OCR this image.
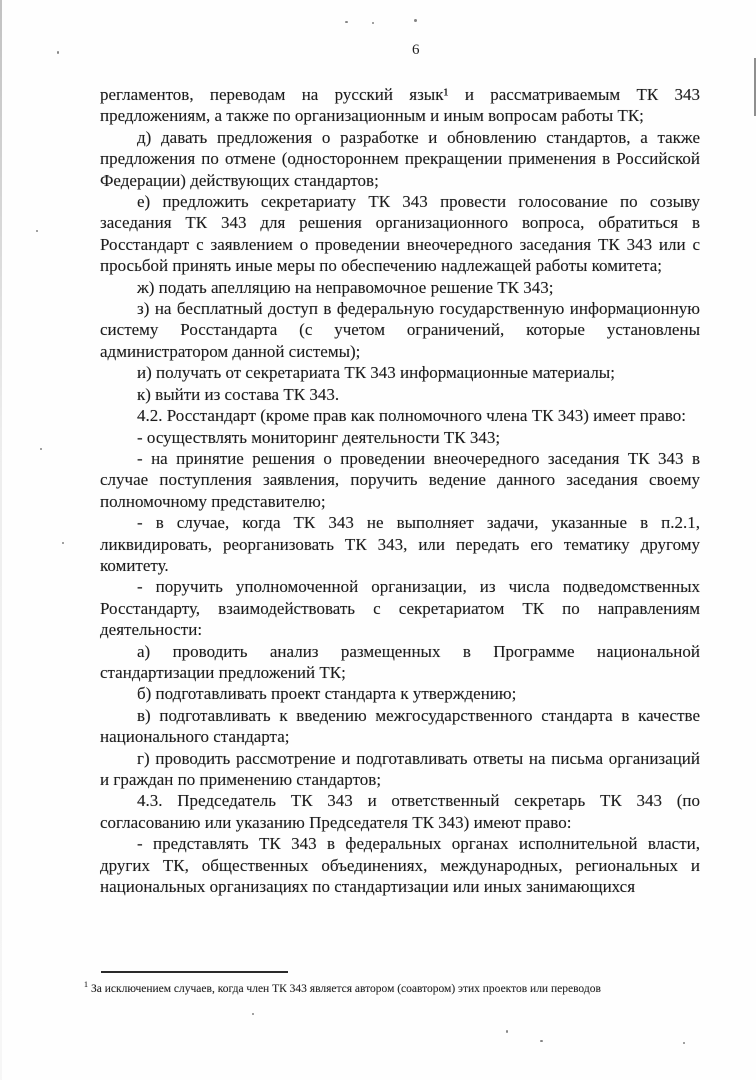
6

регламентов, переводам на русский язык¹ и рассматриваемым ТК 343 предложениям, а также по организационным и иным вопросам работы ТК;

д) давать предложения о разработке и обновлению стандартов, а также предложения по отмене (одностороннем прекращении применения в Российской Федерации) действующих стандартов;

е) предложить секретариату ТК 343 провести голосование по созыву заседания ТК 343 для решения организационного вопроса, обратиться в Росстандарт с заявлением о проведении внеочередного заседания ТК 343 или с просьбой принять иные меры по обеспечению надлежащей работы комитета;

ж) подать апелляцию на неправомочное решение ТК 343;

з) на бесплатный доступ в федеральную государственную информационную систему Росстандарта (с учетом ограничений, которые установлены администратором данной системы);

и) получать от секретариата ТК 343 информационные материалы;

к) выйти из состава ТК 343.

4.2. Росстандарт (кроме прав как полномочного члена ТК 343) имеет право:

- осуществлять мониторинг деятельности ТК 343;

- на принятие решения о проведении внеочередного заседания ТК 343 в случае поступления заявления, поручить ведение данного заседания своему полномочному представителю;

- в случае, когда ТК 343 не выполняет задачи, указанные в п.2.1, ликвидировать, реорганизовать ТК 343, или передать его тематику другому комитету.

- поручить уполномоченной организации, из числа подведомственных Росстандарту, взаимодействовать с секретариатом ТК по направлениям деятельности:

а) проводить анализ размещенных в Программе национальной стандартизации предложений ТК;

б) подготавливать проект стандарта к утверждению;

в) подготавливать к введению межгосударственного стандарта в качестве национального стандарта;

г) проводить рассмотрение и подготавливать ответы на письма организаций и граждан по применению стандартов;

4.3. Председатель ТК 343 и ответственный секретарь ТК 343 (по согласованию или указанию Председателя ТК 343) имеют право:

- представлять ТК 343 в федеральных органах исполнительной власти, других ТК, общественных объединениях, международных, региональных и национальных организациях по стандартизации или иных занимающихся

$^1$ За исключением случаев, когда член ТК 343 является автором (соавтором) этих проектов или переводов
